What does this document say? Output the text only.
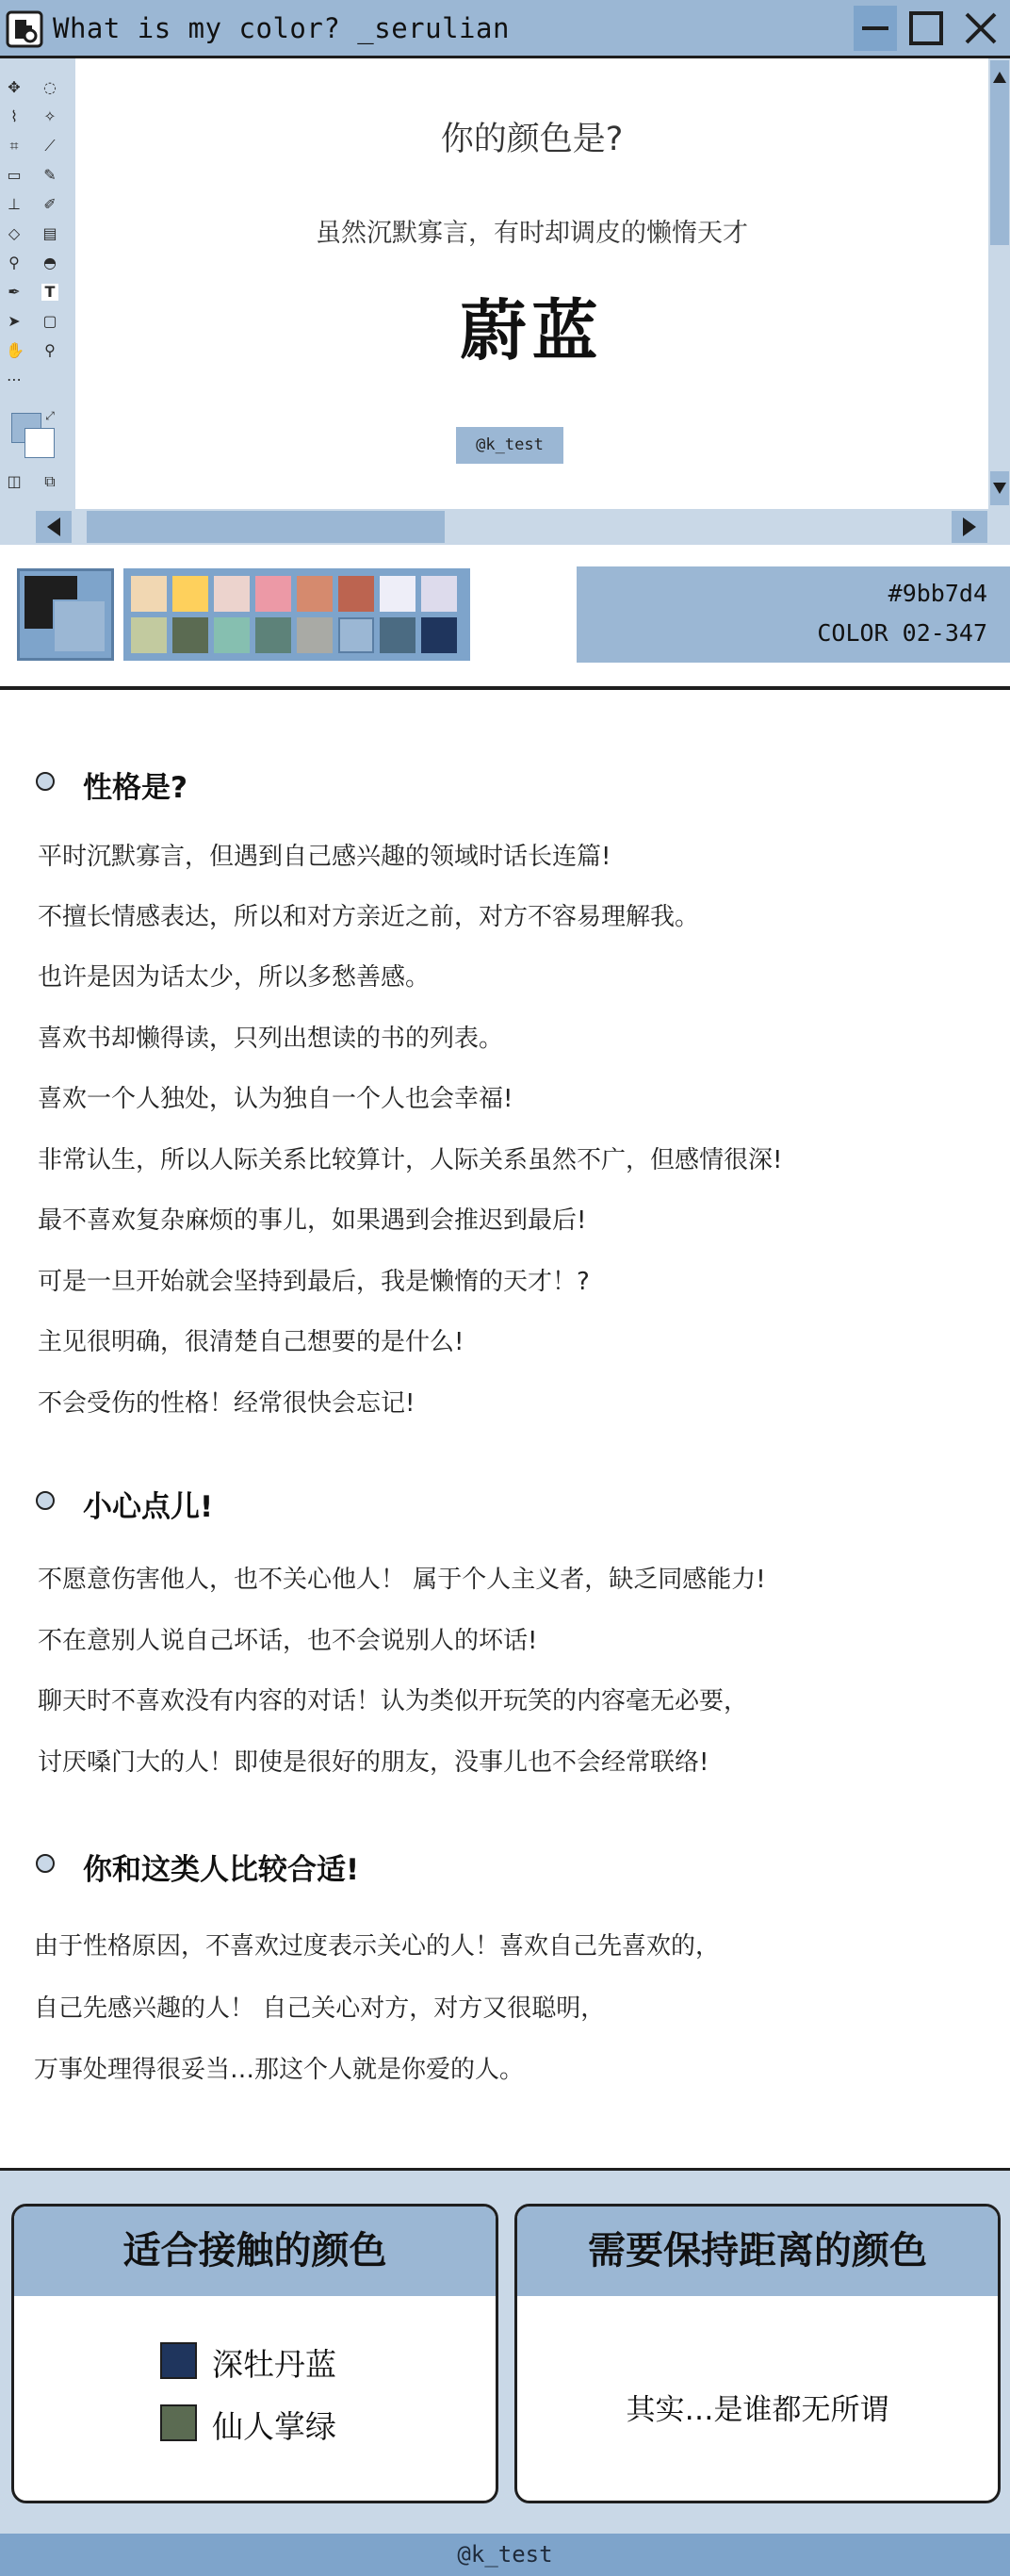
What is my color? _serulian
✥ ◌
⌇	✧
⌗ ⟋
▭ ✎
⊥ ✐
◇ ▤
⚲ ◓
✒ T
➤ ▢
✋ ⚲
⋯
⤢
◫ ⧉
你的颜色是?
虽然沉默寡言，有时却调皮的懒惰天才
蔚蓝
@k_test
#9bb7d4
COLOR 02-347
性格是?
平时沉默寡言，但遇到自己感兴趣的领域时话长连篇!
不擅长情感表达，所以和对方亲近之前，对方不容易理解我。
也许是因为话太少，所以多愁善感。
喜欢书却懒得读，只列出想读的书的列表。
喜欢一个人独处，认为独自一个人也会幸福!
非常认生，所以人际关系比较算计，人际关系虽然不广，但感情很深!
最不喜欢复杂麻烦的事儿，如果遇到会推迟到最后!
可是一旦开始就会坚持到最后，我是懒惰的天才！?
主见很明确，很清楚自己想要的是什么!
不会受伤的性格！经常很快会忘记!
小心点儿!
不愿意伤害他人，也不关心他人！ 属于个人主义者，缺乏同感能力!
不在意别人说自己坏话，也不会说别人的坏话!
聊天时不喜欢没有内容的对话！认为类似开玩笑的内容毫无必要，
讨厌嗓门大的人！即使是很好的朋友，没事儿也不会经常联络!
你和这类人比较合适!
由于性格原因，不喜欢过度表示关心的人！喜欢自己先喜欢的，
自己先感兴趣的人！ 自己关心对方，对方又很聪明，
万事处理得很妥当…那这个人就是你爱的人。
适合接触的颜色
深牡丹蓝
仙人掌绿
需要保持距离的颜色
其实…是谁都无所谓
@k_test
